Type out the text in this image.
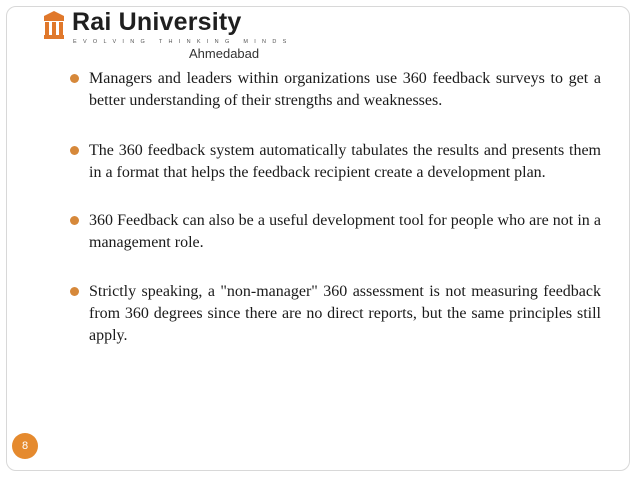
Rai University
EVOLVING THINKING MINDS
Ahmedabad
Managers and leaders within organizations use 360 feedback surveys to get a better understanding of their strengths and weaknesses.
The 360 feedback system automatically tabulates the results and presents them in a format that helps the feedback recipient create a development plan.
360 Feedback can also be a useful development tool for people who are not in a management role.
Strictly speaking, a "non-manager" 360 assessment is not measuring feedback from 360 degrees since there are no direct reports, but the same principles still apply.
8
